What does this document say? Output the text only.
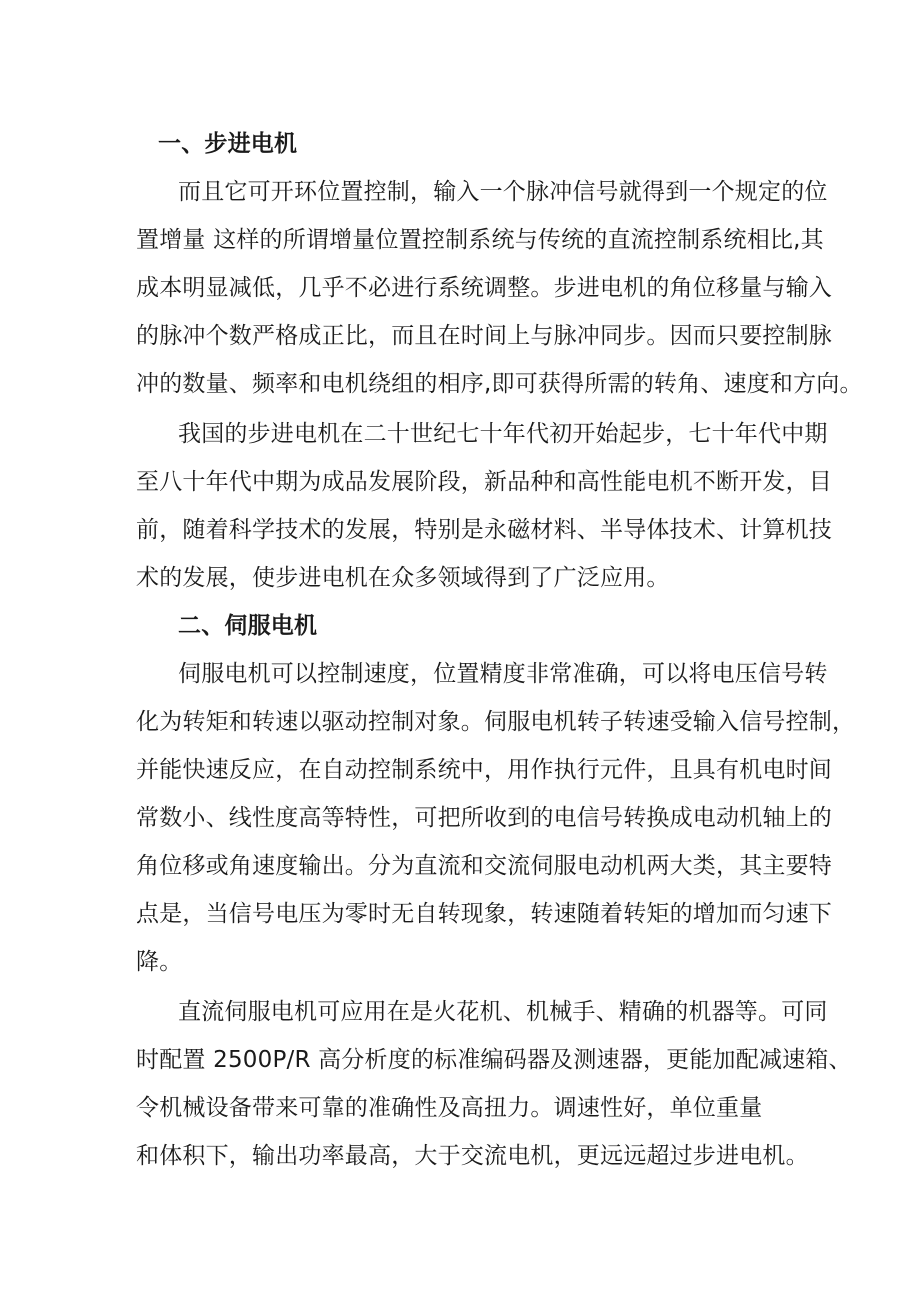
一、步进电机
而且它可开环位置控制，输入一个脉冲信号就得到一个规定的位
置增量 这样的所谓增量位置控制系统与传统的直流控制系统相比,其
成本明显减低，几乎不必进行系统调整。步进电机的角位移量与输入
的脉冲个数严格成正比，而且在时间上与脉冲同步。因而只要控制脉
冲的数量、频率和电机绕组的相序,即可获得所需的转角、速度和方向。
我国的步进电机在二十世纪七十年代初开始起步，七十年代中期
至八十年代中期为成品发展阶段，新品种和高性能电机不断开发，目
前，随着科学技术的发展，特别是永磁材料、半导体技术、计算机技
术的发展，使步进电机在众多领域得到了广泛应用。
二、伺服电机
伺服电机可以控制速度，位置精度非常准确，可以将电压信号转
化为转矩和转速以驱动控制对象。伺服电机转子转速受输入信号控制，
并能快速反应，在自动控制系统中，用作执行元件，且具有机电时间
常数小、线性度高等特性，可把所收到的电信号转换成电动机轴上的
角位移或角速度输出。分为直流和交流伺服电动机两大类，其主要特
点是，当信号电压为零时无自转现象，转速随着转矩的增加而匀速下
降。
直流伺服电机可应用在是火花机、机械手、精确的机器等。可同
时配置 2500P/R 高分析度的标准编码器及测速器，更能加配减速箱、
令机械设备带来可靠的准确性及高扭力。调速性好，单位重量
和体积下，输出功率最高，大于交流电机，更远远超过步进电机。
